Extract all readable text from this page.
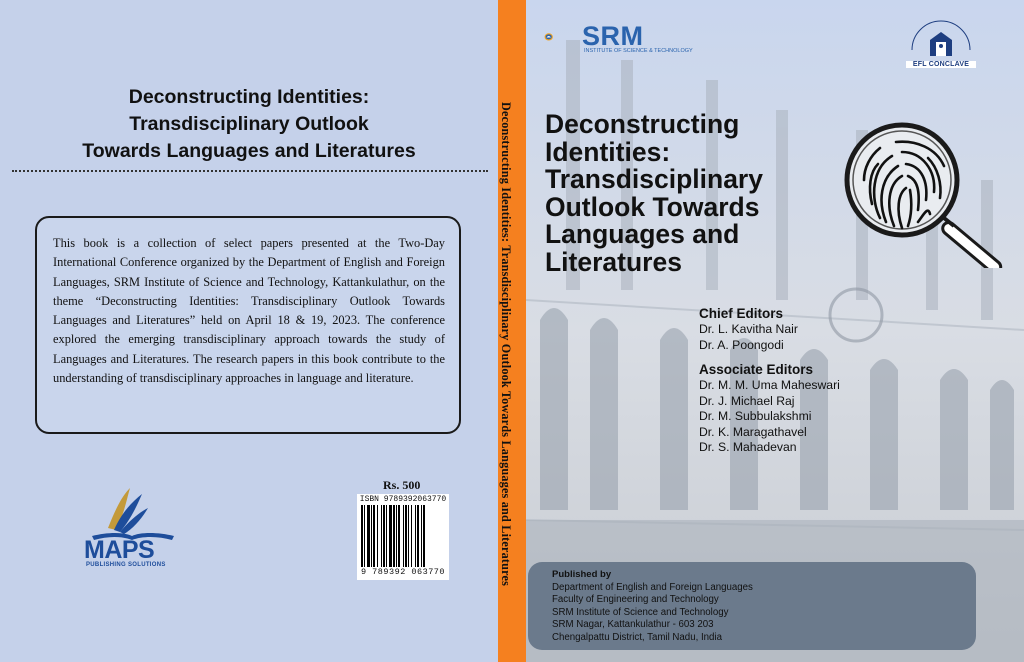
Deconstructing Identities:
Transdisciplinary Outlook
Towards Languages and Literatures

This book is a collection of select papers presented at the Two-Day International Conference organized by the Department of English and Foreign Languages, SRM Institute of Science and Technology, Kattankulathur, on the theme “Deconstructing Identities: Transdisciplinary Outlook Towards Languages and Literatures” held on April 18 & 19, 2023. The conference explored the emerging transdisciplinary approach towards the study of Languages and Literatures. The research papers in this book contribute to the understanding of transdisciplinary approaches in language and literature.

MAPS
PUBLISHING SOLUTIONS
Rs. 500
ISBN 9789392063770
9 789392 063770	Deconstructing Identities: Transdisciplinary Outlook Towards Languages and Literatures
SRM
INSTITUTE OF SCIENCE & TECHNOLOGY
EFL CONCLAVE
Deconstructing
Identities:
Transdisciplinary
Outlook Towards
Languages and
Literatures
Chief Editors
Dr. L. Kavitha Nair
Dr. A. Poongodi
Associate Editors
Dr. M. M. Uma Maheswari
Dr. J. Michael Raj
Dr. M. Subbulakshmi
Dr. K. Maragathavel
Dr. S. Mahadevan
Published by
Department of English and Foreign Languages
Faculty of Engineering and Technology
SRM Institute of Science and Technology
SRM Nagar, Kattankulathur - 603 203
Chengalpattu District, Tamil Nadu, India
